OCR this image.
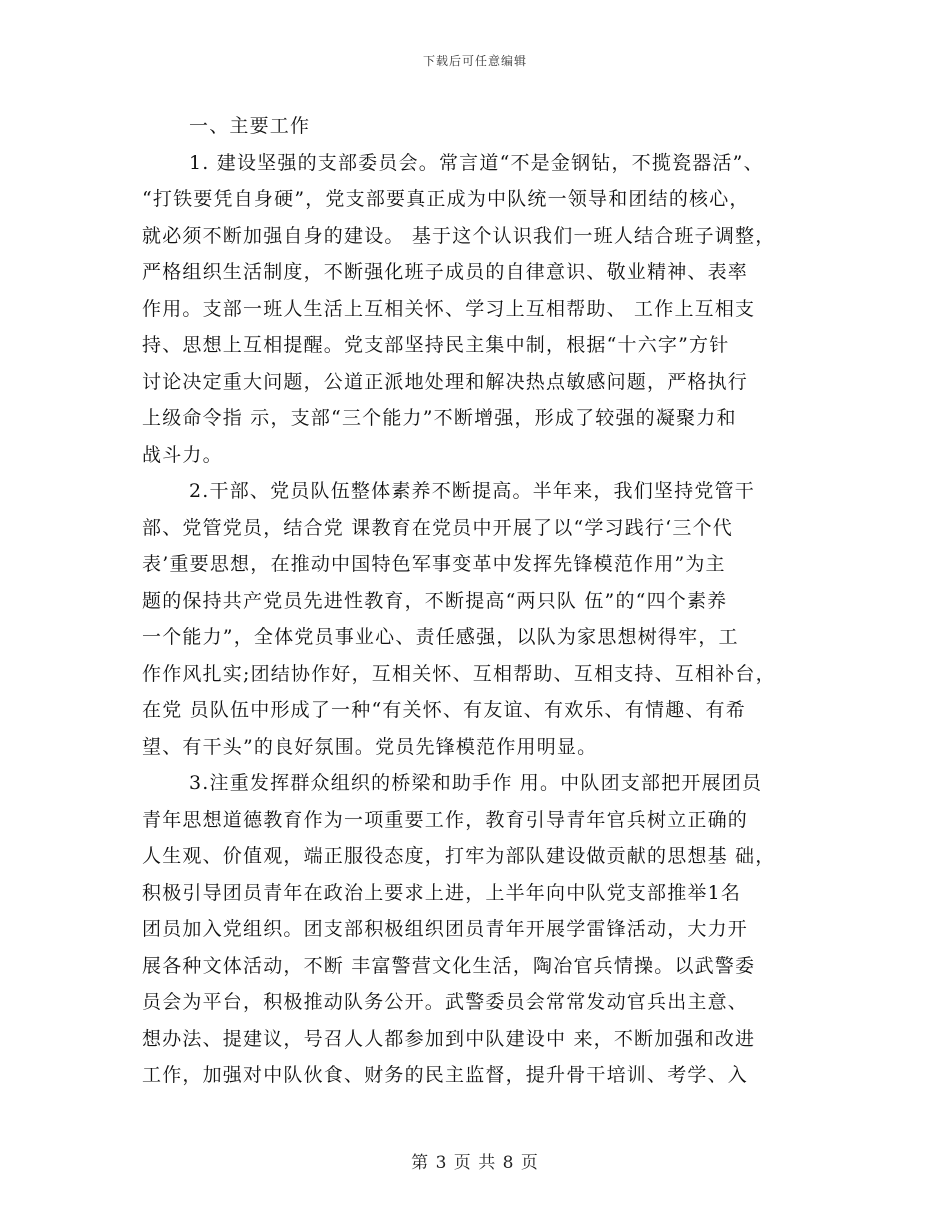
下载后可任意编辑
一、主要工作
1. 建设坚强的支部委员会。常言道“不是金钢钻，不揽瓷器活”、
“打铁要凭自身硬”，党支部要真正成为中队统一领导和团结的核心，
就必须不断加强自身的建设。 基于这个认识我们一班人结合班子调整，
严格组织生活制度，不断强化班子成员的自律意识、敬业精神、表率
作用。支部一班人生活上互相关怀、学习上互相帮助、 工作上互相支
持、思想上互相提醒。党支部坚持民主集中制，根据“十六字”方针
讨论决定重大问题，公道正派地处理和解决热点敏感问题，严格执行
上级命令指 示，支部“三个能力”不断增强，形成了较强的凝聚力和
战斗力。
2.干部、党员队伍整体素养不断提高。半年来，我们坚持党管干
部、党管党员，结合党 课教育在党员中开展了以“学习践行‘三个代
表’重要思想，在推动中国特色军事变革中发挥先锋模范作用”为主
题的保持共产党员先进性教育，不断提高“两只队 伍”的“四个素养
一个能力”，全体党员事业心、责任感强，以队为家思想树得牢，工
作作风扎实;团结协作好，互相关怀、互相帮助、互相支持、互相补台，
在党 员队伍中形成了一种“有关怀、有友谊、有欢乐、有情趣、有希
望、有干头”的良好氛围。党员先锋模范作用明显。
3.注重发挥群众组织的桥梁和助手作 用。中队团支部把开展团员
青年思想道德教育作为一项重要工作，教育引导青年官兵树立正确的
人生观、价值观，端正服役态度，打牢为部队建设做贡献的思想基 础，
积极引导团员青年在政治上要求上进，上半年向中队党支部推举1名
团员加入党组织。团支部积极组织团员青年开展学雷锋活动，大力开
展各种文体活动，不断 丰富警营文化生活，陶冶官兵情操。以武警委
员会为平台，积极推动队务公开。武警委员会常常发动官兵出主意、
想办法、提建议，号召人人都参加到中队建设中 来，不断加强和改进
工作，加强对中队伙食、财务的民主监督，提升骨干培训、考学、入
第 3 页 共 8 页
